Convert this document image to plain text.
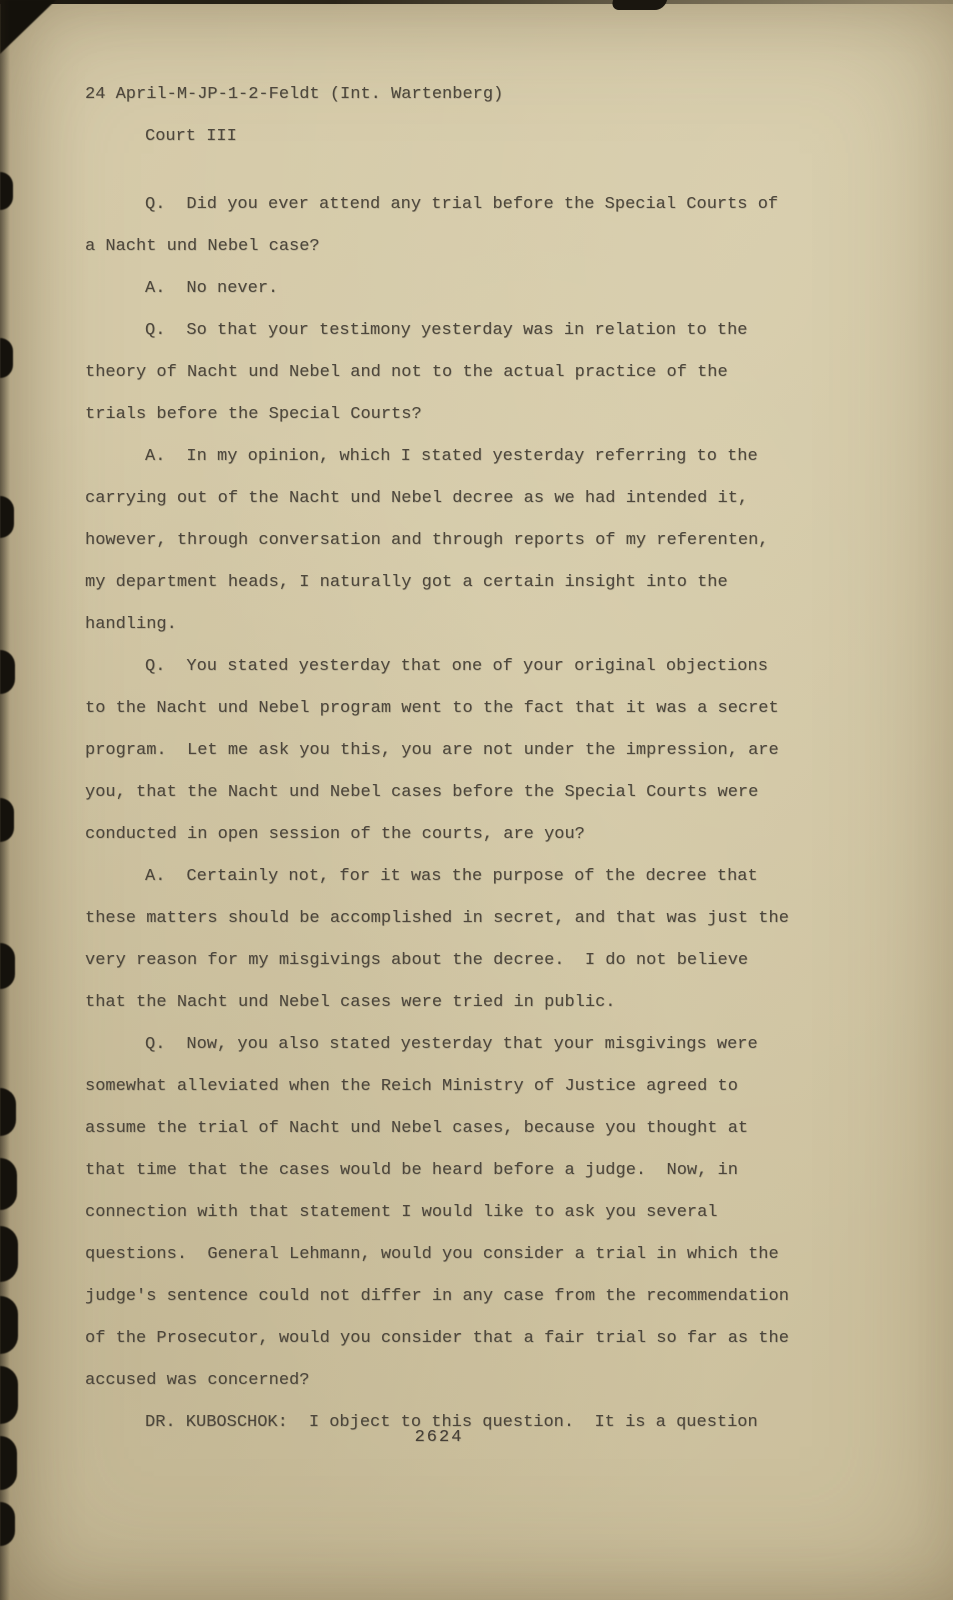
24 April-M-JP-1-2-Feldt (Int. Wartenberg)
Court III

Q. Did you ever attend any trial before the Special Courts of a Nacht und Nebel case?

A. No never.

Q. So that your testimony yesterday was in relation to the theory of Nacht und Nebel and not to the actual practice of the trials before the Special Courts?

A. In my opinion, which I stated yesterday referring to the carrying out of the Nacht und Nebel decree as we had intended it, however, through conversation and through reports of my referenten, my department heads, I naturally got a certain insight into the handling.

Q. You stated yesterday that one of your original objections to the Nacht und Nebel program went to the fact that it was a secret program.  Let me ask you this, you are not under the impression, are you, that the Nacht und Nebel cases before the Special Courts were conducted in open session of the courts, are you?

A. Certainly not, for it was the purpose of the decree that these matters should be accomplished in secret, and that was just the very reason for my misgivings about the decree.  I do not believe that the Nacht und Nebel cases were tried in public.

Q. Now, you also stated yesterday that your misgivings were somewhat alleviated when the Reich Ministry of Justice agreed to assume the trial of Nacht und Nebel cases, because you thought at that time that the cases would be heard before a judge.  Now, in connection with that statement I would like to ask you several questions.  General Lehmann, would you consider a trial in which the judge's sentence could not differ in any case from the recommendation of the Prosecutor, would you consider that a fair trial so far as the accused was concerned?

DR. KUBOSCHOK: I object to this question.  It is a question

2624
